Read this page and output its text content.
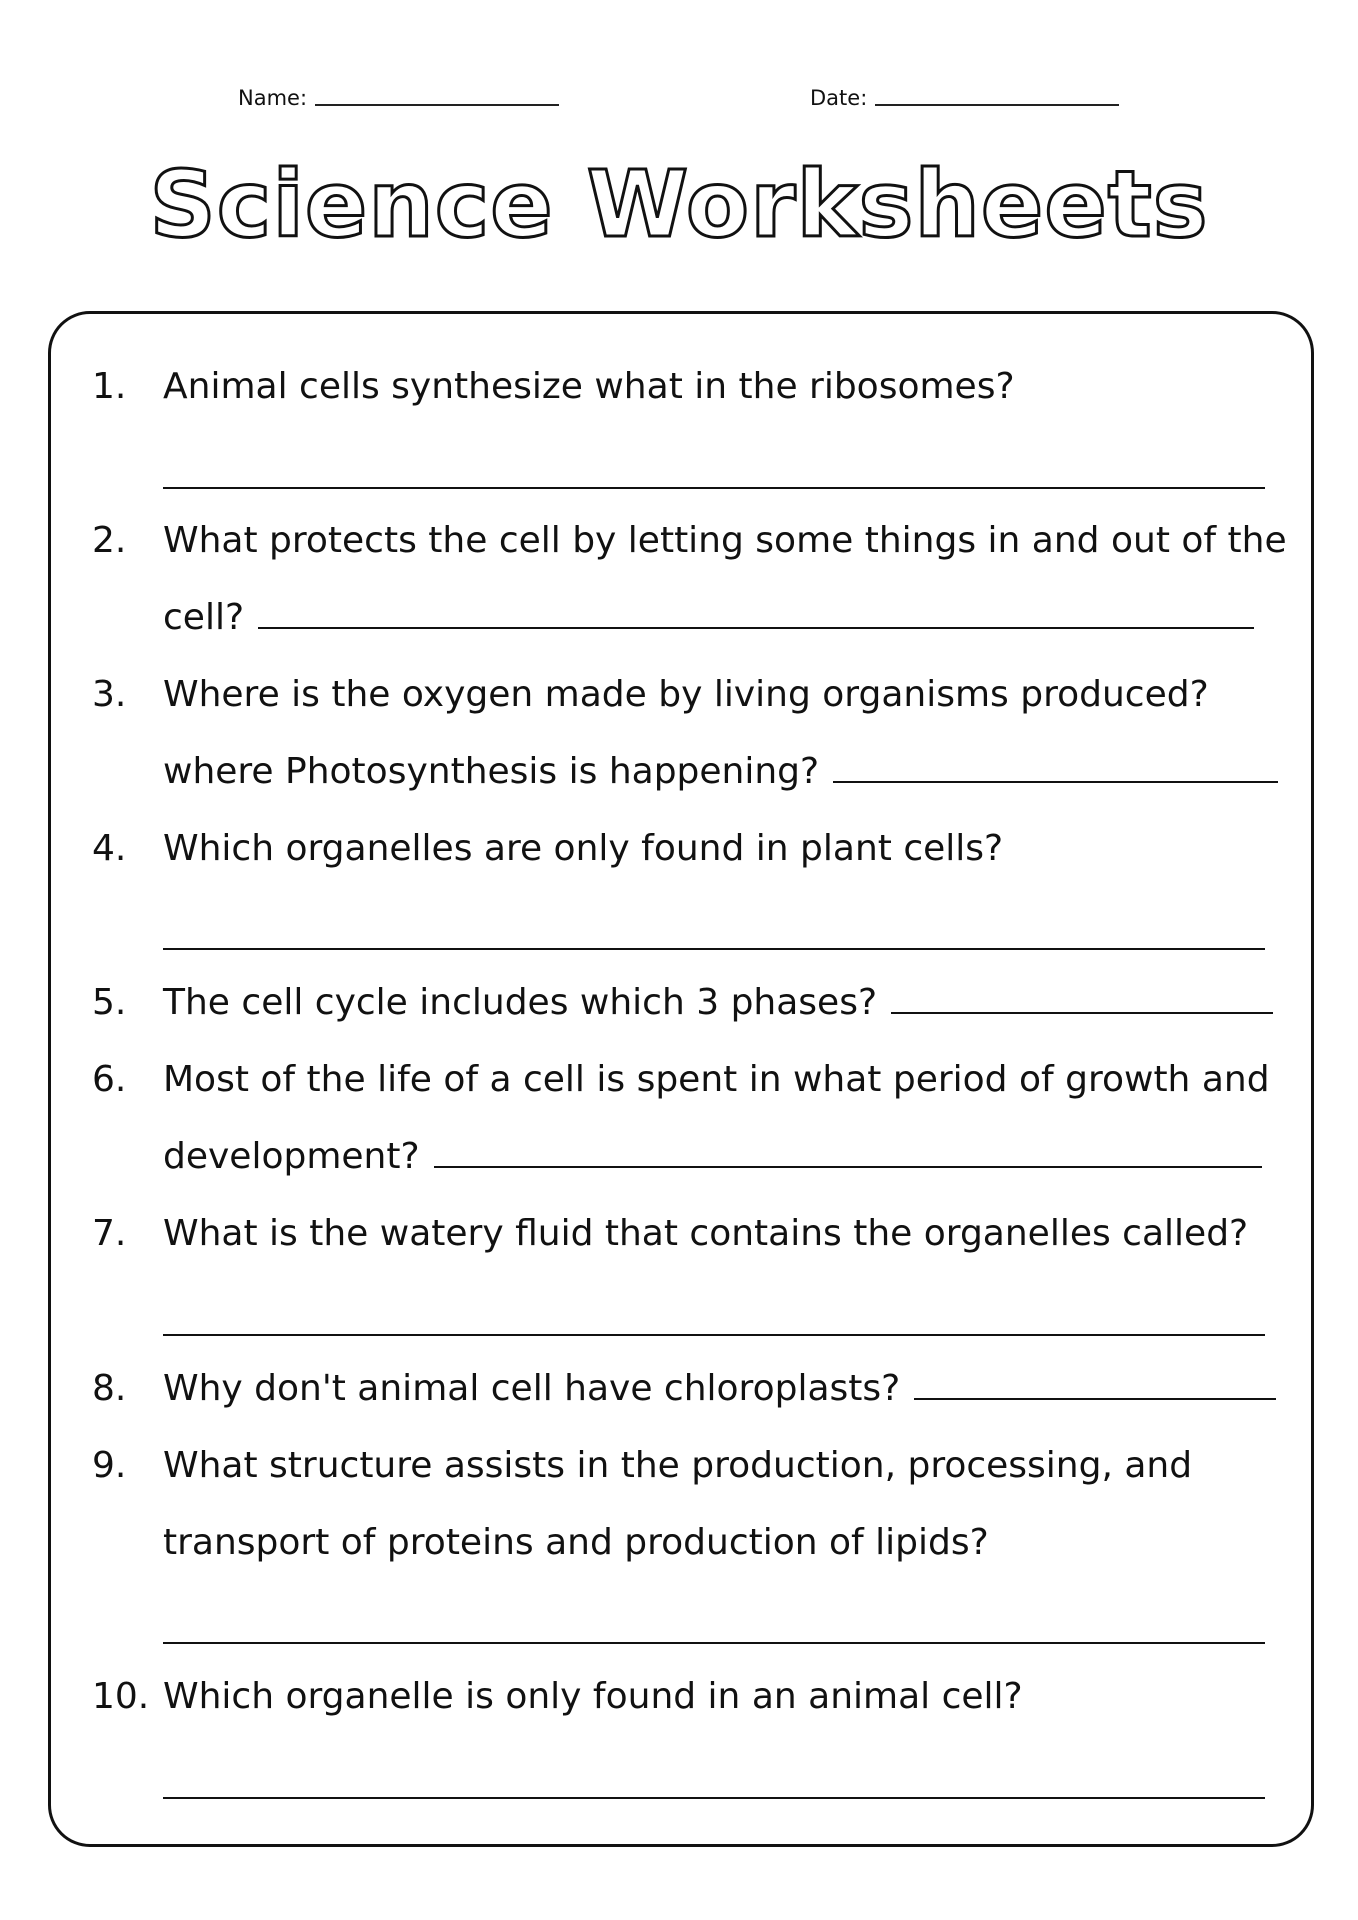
Name:	Date:
Science Worksheets
1. Animal cells synthesize what in the ribosomes?
2. What protects the cell by letting some things in and out of the
cell?
3. Where is the oxygen made by living organisms produced?
where Photosynthesis is happening?
4. Which organelles are only found in plant cells?
5. The cell cycle includes which 3 phases?
6. Most of the life of a cell is spent in what period of growth and
development?
7. What is the watery fluid that contains the organelles called?
8. Why don't animal cell have chloroplasts?
9. What structure assists in the production, processing, and
transport of proteins and production of lipids?
10. Which organelle is only found in an animal cell?
